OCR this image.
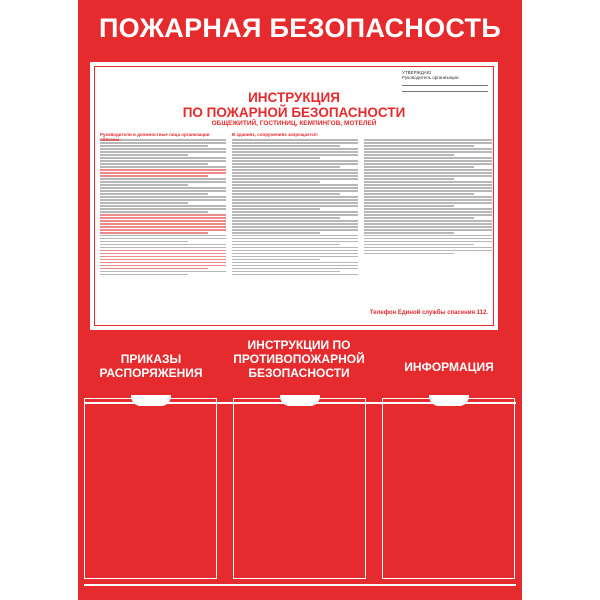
ПОЖАРНАЯ БЕЗОПАСНОСТЬ
УТВЕРЖДАЮ
Руководитель организации
ИНСТРУКЦИЯ
ПО ПОЖАРНОЙ БЕЗОПАСНОСТИ
ОБЩЕЖИТИЙ, ГОСТИНИЦ, КЕМПИНГОВ, МОТЕЛЕЙ
Руководители и должностные лица организации обязаны:
В зданиях, сооружениях запрещается:
Телефон Единой службы спасения 112.
ПРИКАЗЫ
РАСПОРЯЖЕНИЯ
ИНСТРУКЦИИ ПО
ПРОТИВОПОЖАРНОЙ
БЕЗОПАСНОСТИ	ИНФОРМАЦИЯ
